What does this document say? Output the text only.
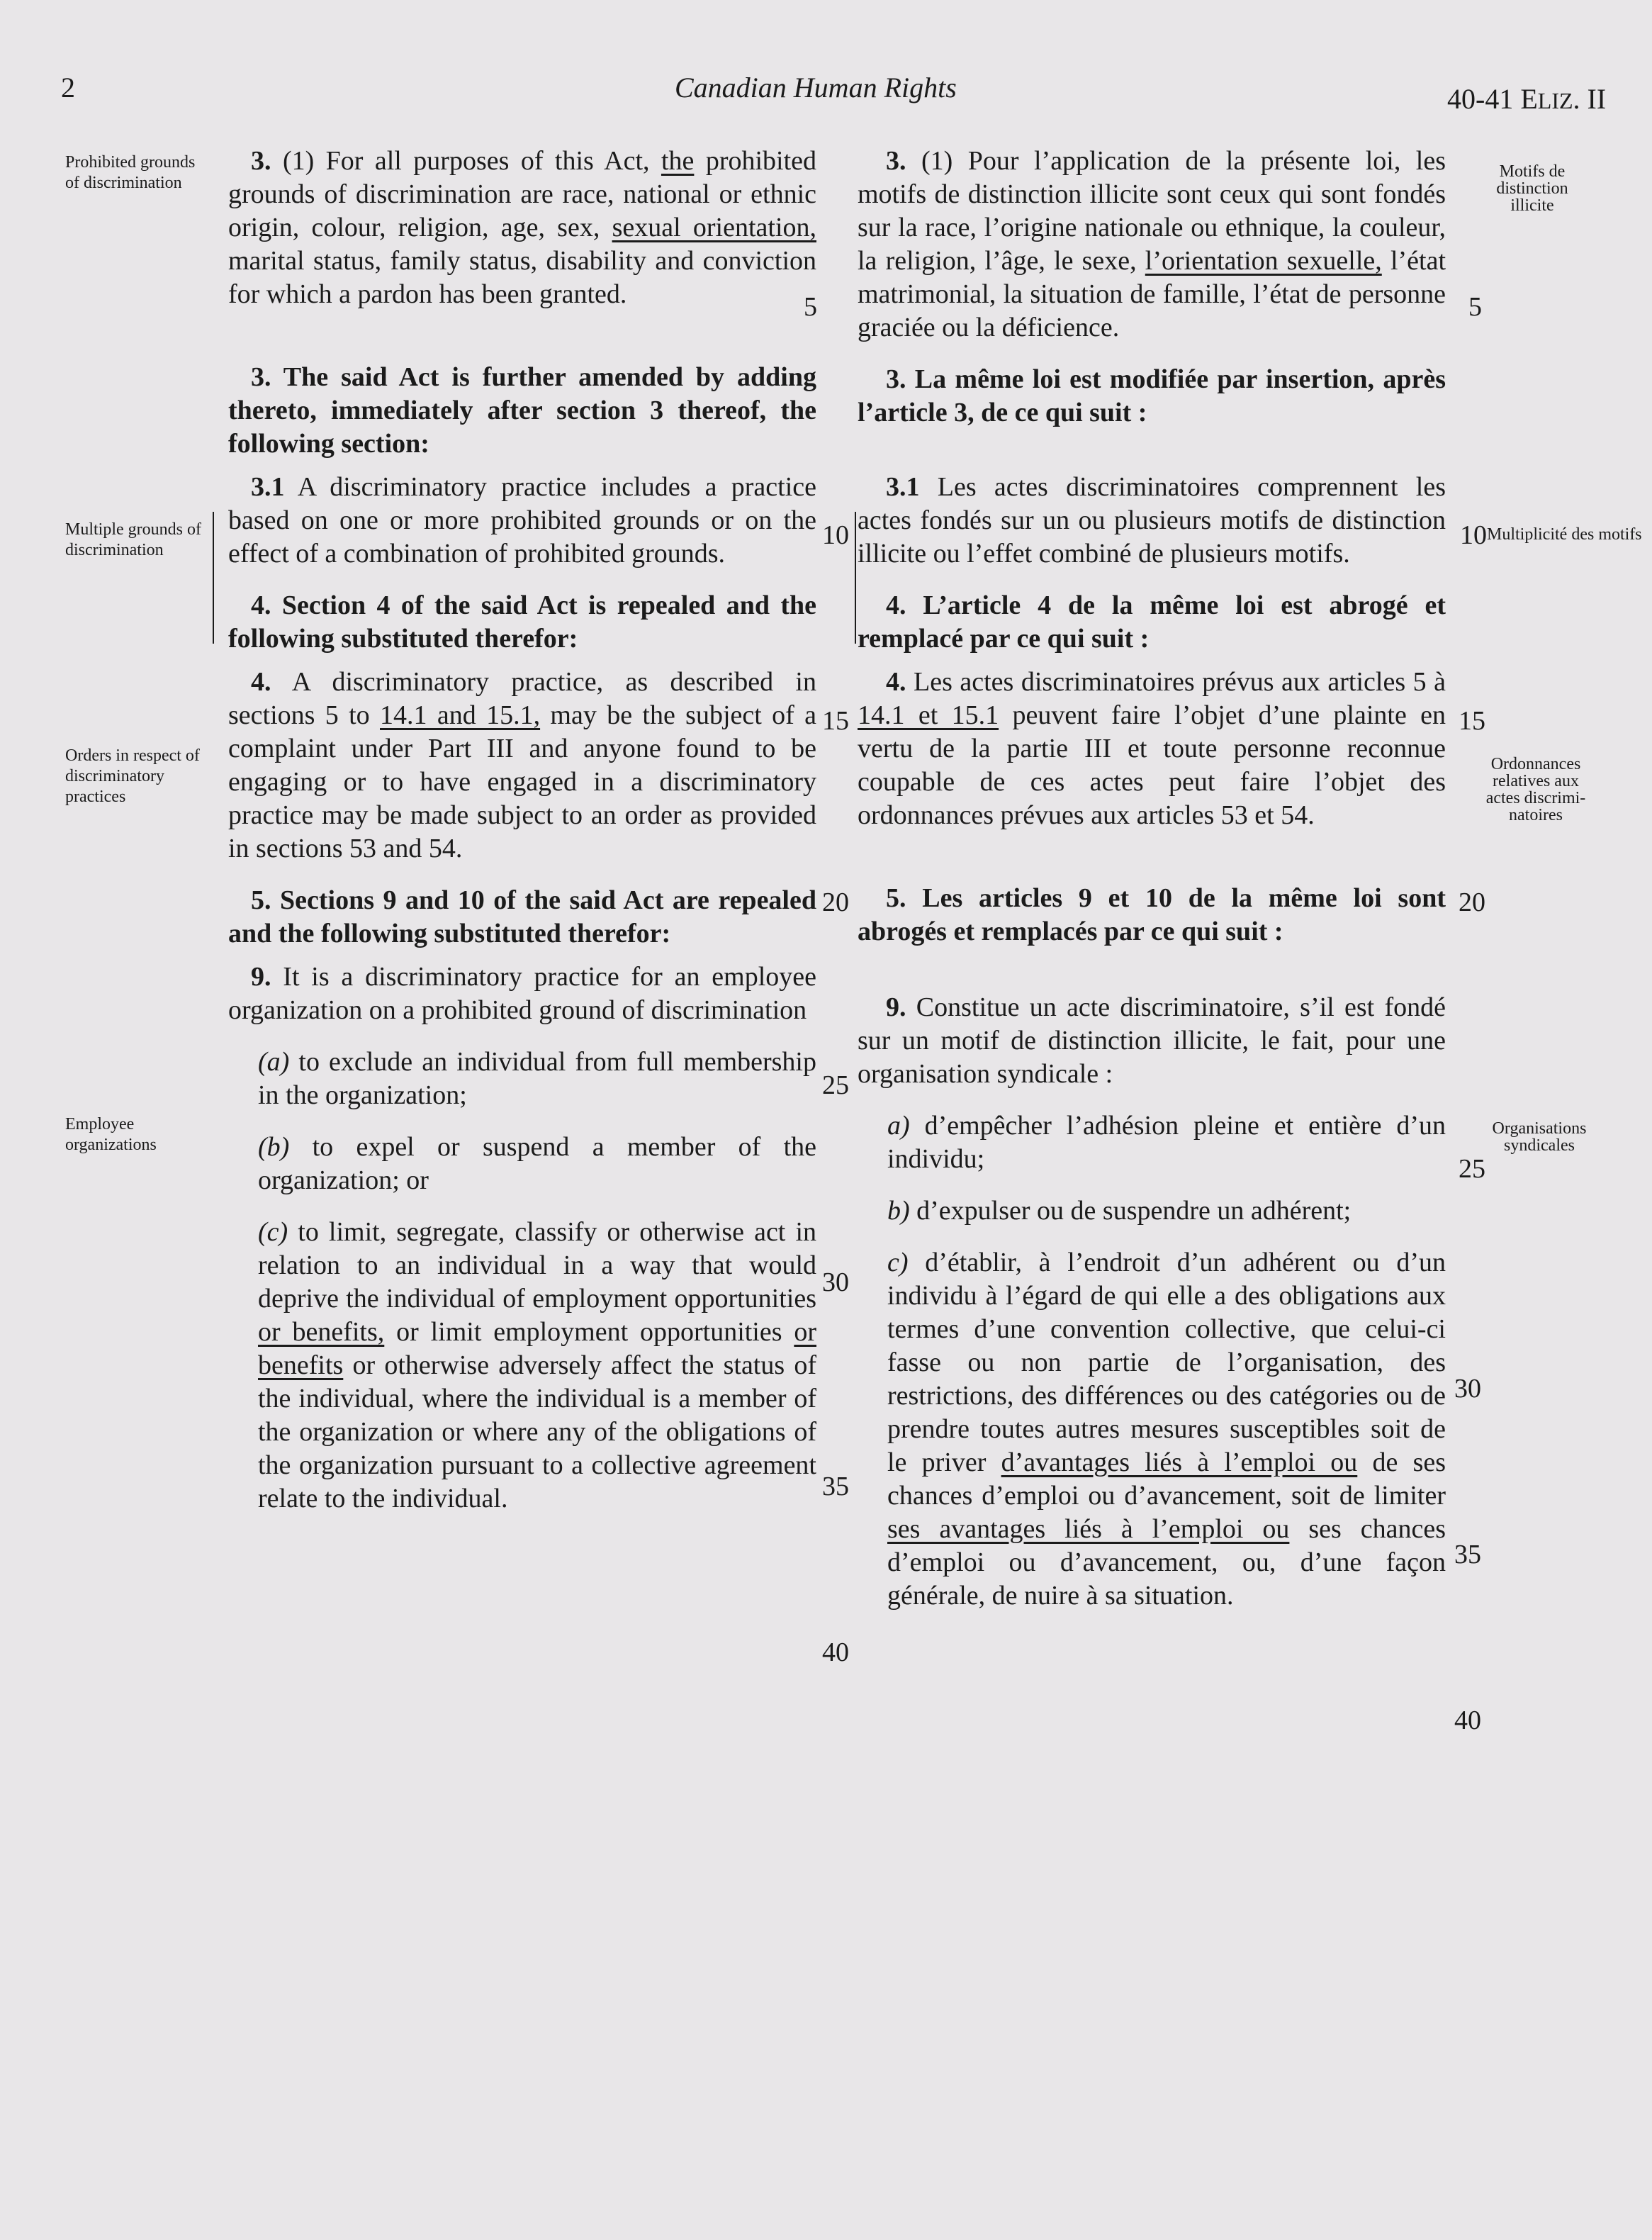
2	Canadian Human Rights	40-41 ELIZ. II
Prohibited grounds of discrimination
Multiple grounds of discrimination
Orders in respect of discriminatory practices
Employee organizations
Motifs de distinction illicite
Multiplicité des motifs
Ordonnances relatives aux actes discrimi-natoires
Organisations syndicales
5
10
15
20
25
30
35
40
5
10
15
20
25
30
35
40

3. (1) For all purposes of this Act, the prohibited grounds of discrimination are race, national or ethnic origin, colour, religion, age, sex, sexual orientation, marital status, family status, disability and conviction for which a pardon has been granted.

3. The said Act is further amended by adding thereto, immediately after section 3 thereof, the following section:

3.1 A discriminatory practice includes a practice based on one or more prohibited grounds or on the effect of a combination of prohibited grounds.

4. Section 4 of the said Act is repealed and the following substituted therefor:

4. A discriminatory practice, as described in sections 5 to 14.1 and 15.1, may be the subject of a complaint under Part III and anyone found to be engaging or to have engaged in a discriminatory practice may be made subject to an order as provided in sections 53 and 54.

5. Sections 9 and 10 of the said Act are repealed and the following substituted therefor:

9. It is a discriminatory practice for an employee organization on a prohibited ground of discrimination

(a) to exclude an individual from full membership in the organization;

(b) to expel or suspend a member of the organization; or

(c) to limit, segregate, classify or otherwise act in relation to an individual in a way that would deprive the individual of employment opportunities or benefits, or limit employment opportunities or benefits or otherwise adversely affect the status of the individual, where the individual is a member of the organization or where any of the obligations of the organization pursuant to a collective agreement relate to the individual.

3. (1) Pour l’application de la présente loi, les motifs de distinction illicite sont ceux qui sont fondés sur la race, l’origine nationale ou ethnique, la couleur, la religion, l’âge, le sexe, l’orientation sexuelle, l’état matrimonial, la situation de famille, l’état de personne graciée ou la déficience.

3. La même loi est modifiée par insertion, après l’article 3, de ce qui suit :

3.1 Les actes discriminatoires comprennent les actes fondés sur un ou plusieurs motifs de distinction illicite ou l’effet combiné de plusieurs motifs.

4. L’article 4 de la même loi est abrogé et remplacé par ce qui suit :

4. Les actes discriminatoires prévus aux articles 5 à 14.1 et 15.1 peuvent faire l’objet d’une plainte en vertu de la partie III et toute personne reconnue coupable de ces actes peut faire l’objet des ordonnances prévues aux articles 53 et 54.

5. Les articles 9 et 10 de la même loi sont abrogés et remplacés par ce qui suit :

9. Constitue un acte discriminatoire, s’il est fondé sur un motif de distinction illicite, le fait, pour une organisation syndicale :

a) d’empêcher l’adhésion pleine et entière d’un individu;

b) d’expulser ou de suspendre un adhérent;

c) d’établir, à l’endroit d’un adhérent ou d’un individu à l’égard de qui elle a des obligations aux termes d’une convention collective, que celui-ci fasse ou non partie de l’organisation, des restrictions, des différences ou des catégories ou de prendre toutes autres mesures susceptibles soit de le priver d’avantages liés à l’emploi ou de ses chances d’emploi ou d’avancement, soit de limiter ses avantages liés à l’emploi ou ses chances d’emploi ou d’avancement, ou, d’une façon générale, de nuire à sa situation.
